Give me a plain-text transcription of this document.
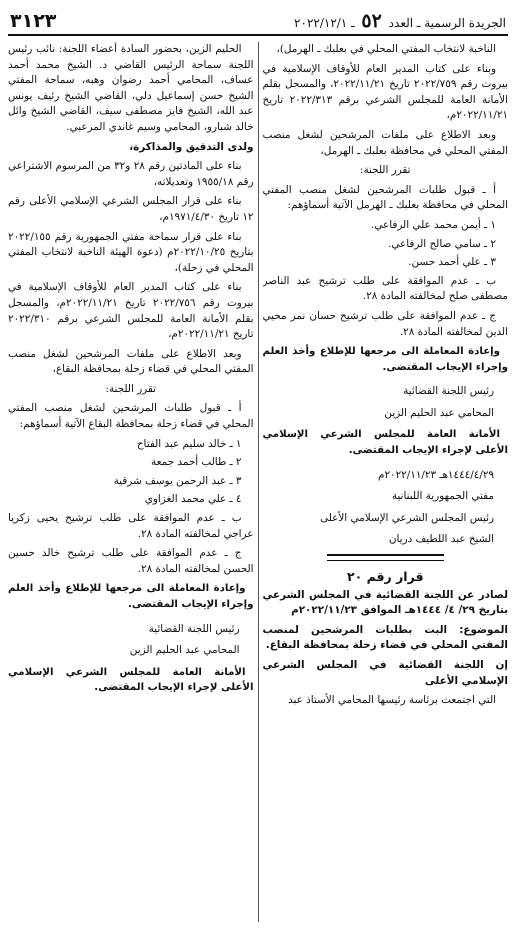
الجريدة الرسمية ـ العدد ٥٢ ـ ٢٠٢٢/١٢/١
٣١٢٣

الناخبة لانتخاب المفتي المحلي في بعلبك ـ الهرمل)،

وبناء على كتاب المدير العام للأوقاف الإسلامية في بيروت رقم ٢٠٢٢/٧٥٩ تاريخ ٢٠٢٢/١١/٢١، والمسجل بقلم الأمانة العامة للمجلس الشرعي برقم ٢٠٢٢/٣١٣ تاريخ ٢٠٢٢/١١/٢١م،

وبعد الاطلاع على ملفات المرشحين لشغل منصب المفتي المحلي في محافظة بعلبك ـ الهرمل،

تقرر اللجنة:

أ ـ قبول طلبات المرشحين لشغل منصب المفتي المحلي في محافظة بعلبك ـ الهرمل الآتية أسماؤهم:

١ ـ أيمن محمد علي الرفاعي.

٢ ـ سامي صالح الرفاعي.

٣ ـ علي أحمد حسن.

ب ـ عدم الموافقة على طلب ترشيح عبد الناصر مصطفى صلح لمخالفته المادة ٢٨.

ج ـ عدم الموافقة على طلب ترشيح حسان نمر محيي الدين لمخالفته المادة ٢٨.

وإعادة المعاملة الى مرجعها للإطلاع وأخذ العلم وإجراء الإيجاب المقتضى.

رئيس اللجنة القضائية

المحامي عبد الحليم الزين

الأمانة العامة للمجلس الشرعي الإسلامي الأعلى لإجراء الإيجاب المقتضى.

١٤٤٤/٤/٢٩هـ ٢٠٢٢/١١/٢٣م

مفتي الجمهورية اللبنانية

رئيس المجلس الشرعي الإسلامي الأعلى

الشيخ عبد اللطيف دريان

قرار رقم ٢٠

لصادر عن اللجنة القضائية في المجلس الشرعي بتاريخ ٢٩/ ٤/ ١٤٤٤هـ الموافق ٢٠٢٢/١١/٢٣م

الموضوع: البت بطلبات المرشحين لمنصب المفتي المحلي في قضاء زحلة بمحافظة البقاع.

إن اللجنة القضائية في المجلس الشرعي الإسلامي الأعلى

التي اجتمعت برئاسة رئيسها المحامي الأستاذ عبد

الحليم الزين، بحضور السادة أعضاء اللجنة: نائب رئيس اللجنة سماحة الرئيس القاضي د. الشيخ محمد أحمد عساف، المحامي أحمد رضوان وهبه، سماحة المفتي الشيخ حسن إسماعيل دلي، القاضي الشيخ رئيف يونس عبد الله، الشيخ فايز مصطفى سيف، القاضي الشيخ وائل خالد شبارو، المحامي وسيم غاندي المرعبي.

ولدى التدقيق والمذاكرة،

بناء على المادتين رقم ٢٨ و٣٢ من المرسوم الاشتراعي رقم ١٩٥٥/١٨ وتعديلاته،

بناء على قرار المجلس الشرعي الإسلامي الأعلى رقم ١٢ تاريخ ١٩٧١/٤/٣٠م،

بناء على قرار سماحة مفتي الجمهورية رقم ٢٠٢٢/١٥٥ بتاريخ ٢٠٢٢/١٠/٢٥م (دعوة الهيئة الناخبة لانتخاب المفتي المحلي في زحلة)،

بناء على كتاب المدير العام للأوقاف الإسلامية في بيروت رقم ٢٠٢٢/٧٥٦ تاريخ ٢٠٢٢/١١/٢١م، والمسجل بقلم الأمانة العامة للمجلس الشرعي برقم ٢٠٢٢/٣١٠ تاريخ ٢٠٢٢/١١/٢١م،

وبعد الاطلاع على ملفات المرشحين لشغل منصب المفتي المحلي في قضاء زحلة بمحافظة البقاع،

تقرر اللجنة:

أ ـ قبول طلبات المرشحين لشغل منصب المفتي المحلي في قضاء زحلة بمحافظة البقاع الآتية أسماؤهم:

١ ـ خالد سليم عبد الفتاح

٢ ـ طالب أحمد جمعة

٣ ـ عبد الرحمن يوسف شرقية

٤ ـ علي محمد الغزاوي

ب ـ عدم الموافقة على طلب ترشيح يحيى زكريا عراجي لمخالفته المادة ٢٨.

ج ـ عدم الموافقة على طلب ترشيح خالد حسين الحسن لمخالفته المادة ٢٨.

وإعادة المعاملة الى مرجعها للإطلاع وأخذ العلم وإجراء الإيجاب المقتضى.

رئيس اللجنة القضائية

المحامي عبد الحليم الزين

الأمانة العامة للمجلس الشرعي الإسلامي الأعلى لإجراء الإيجاب المقتضى.
